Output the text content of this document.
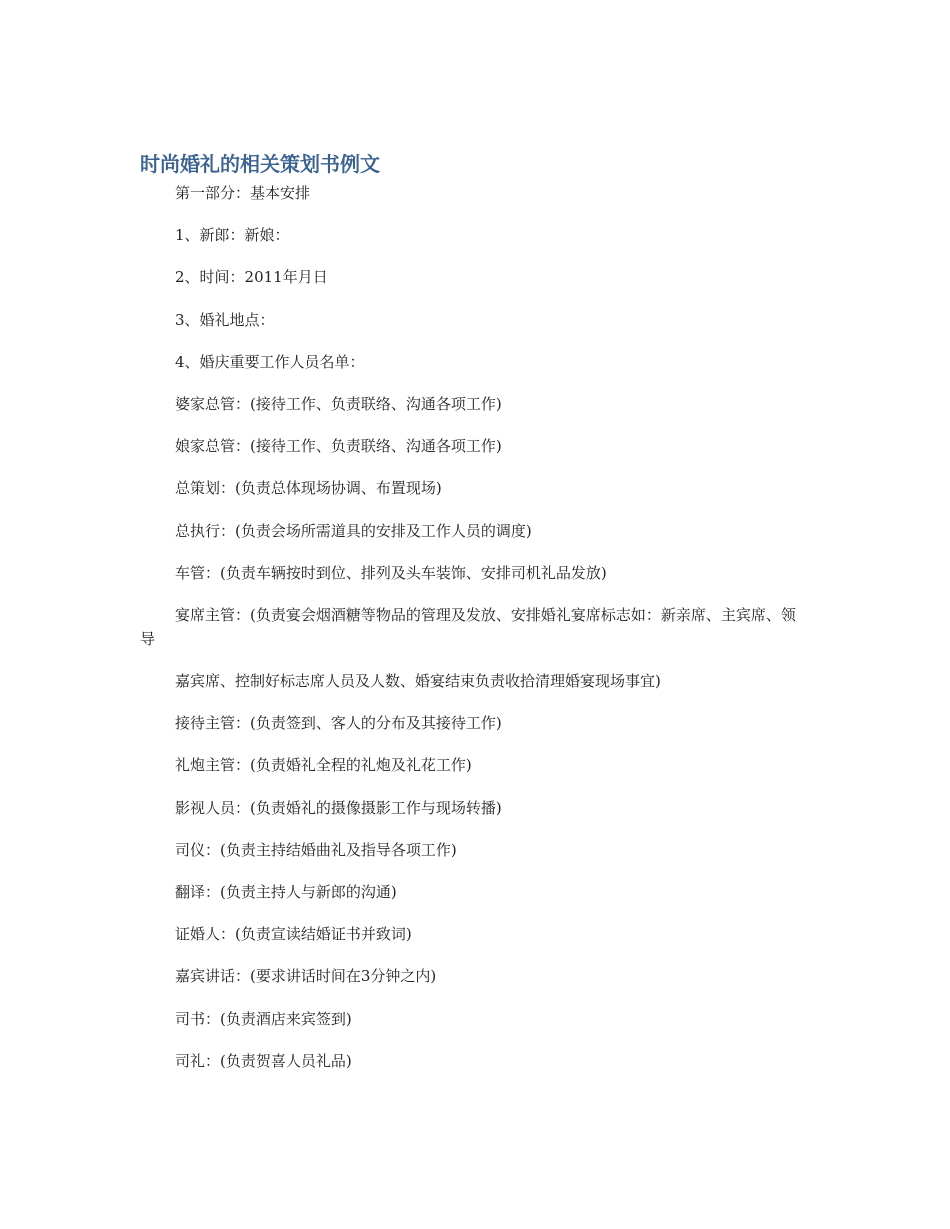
时尚婚礼的相关策划书例文

第一部分：基本安排

1、新郎：新娘：

2、时间：2011年月日

3、婚礼地点：

4、婚庆重要工作人员名单：

婆家总管：(接待工作、负责联络、沟通各项工作)

娘家总管：(接待工作、负责联络、沟通各项工作)

总策划：(负责总体现场协调、布置现场)

总执行：(负责会场所需道具的安排及工作人员的调度)

车管：(负责车辆按时到位、排列及头车装饰、安排司机礼品发放)

宴席主管：(负责宴会烟酒糖等物品的管理及发放、安排婚礼宴席标志如：新亲席、主宾席、领导

嘉宾席、控制好标志席人员及人数、婚宴结束负责收拾清理婚宴现场事宜)

接待主管：(负责签到、客人的分布及其接待工作)

礼炮主管：(负责婚礼全程的礼炮及礼花工作)

影视人员：(负责婚礼的摄像摄影工作与现场转播)

司仪：(负责主持结婚曲礼及指导各项工作)

翻译：(负责主持人与新郎的沟通)

证婚人：(负责宣读结婚证书并致词)

嘉宾讲话：(要求讲话时间在3分钟之内)

司书：(负责酒店来宾签到)

司礼：(负责贺喜人员礼品)
